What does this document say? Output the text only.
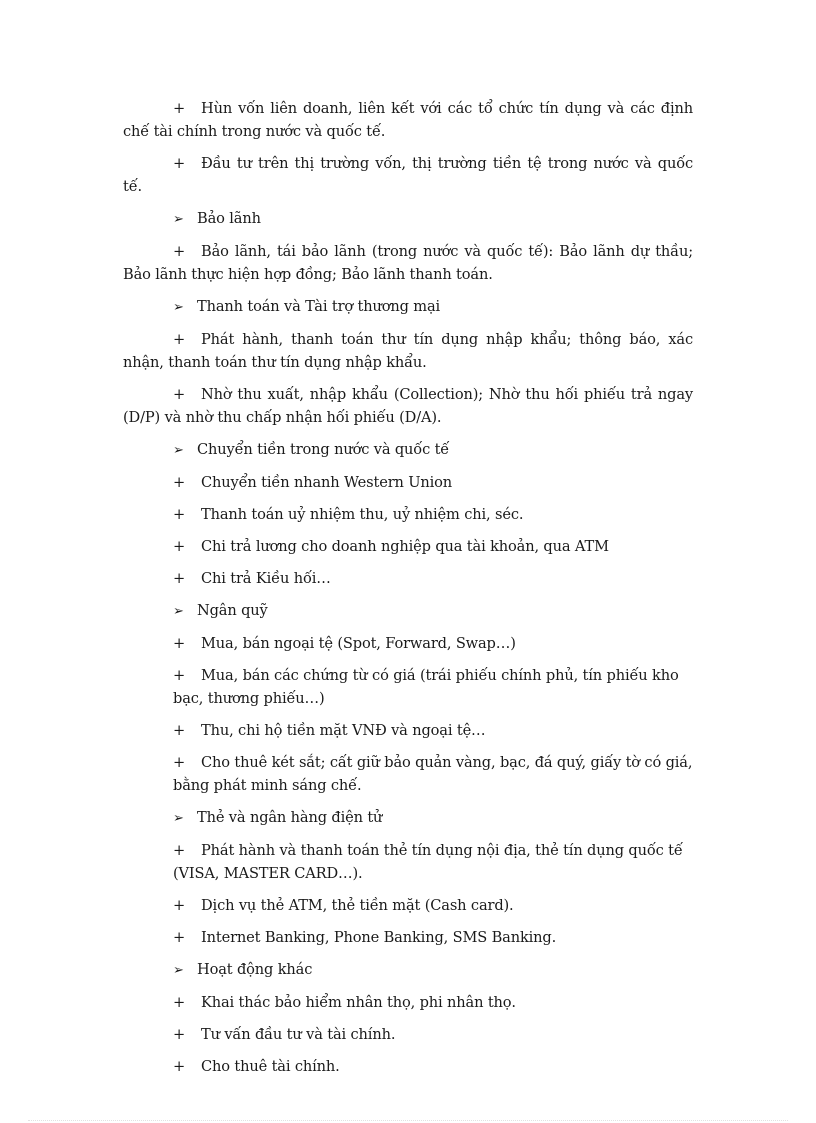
+ Hùn vốn liên doanh, liên kết với các tổ chức tín dụng và các định chế tài chính trong nước và quốc tế.
+ Đầu tư trên thị trường vốn, thị trường tiền tệ trong nước và quốc tế.
➢ Bảo lãnh
+ Bảo lãnh, tái bảo lãnh (trong nước và quốc tế): Bảo lãnh dự thầu; Bảo lãnh thực hiện hợp đồng; Bảo lãnh thanh toán.
➢ Thanh toán và Tài trợ thương mại
+ Phát hành, thanh toán thư tín dụng nhập khẩu; thông báo, xác nhận, thanh toán thư tín dụng nhập khẩu.
+ Nhờ thu xuất, nhập khẩu (Collection); Nhờ thu hối phiếu trả ngay (D/P) và nhờ thu chấp nhận hối phiếu (D/A).
➢ Chuyển tiền trong nước và quốc tế
+ Chuyển tiền nhanh Western Union
+ Thanh toán uỷ nhiệm thu, uỷ nhiệm chi, séc.
+ Chi trả lương cho doanh nghiệp qua tài khoản, qua ATM
+ Chi trả Kiều hối…
➢ Ngân quỹ
+ Mua, bán ngoại tệ (Spot, Forward, Swap…)
+ Mua, bán các chứng từ có giá (trái phiếu chính phủ, tín phiếu kho bạc, thương phiếu…)
+ Thu, chi hộ tiền mặt VNĐ và ngoại tệ…
+ Cho thuê két sắt; cất giữ bảo quản vàng, bạc, đá quý, giấy tờ có giá, bằng phát minh sáng chế.
➢ Thẻ và ngân hàng điện tử
+ Phát hành và thanh toán thẻ tín dụng nội địa, thẻ tín dụng quốc tế (VISA, MASTER CARD…).
+ Dịch vụ thẻ ATM, thẻ tiền mặt (Cash card).
+ Internet Banking, Phone Banking, SMS Banking.
➢ Hoạt động khác
+ Khai thác bảo hiểm nhân thọ, phi nhân thọ.
+ Tư vấn đầu tư và tài chính.
+ Cho thuê tài chính.
